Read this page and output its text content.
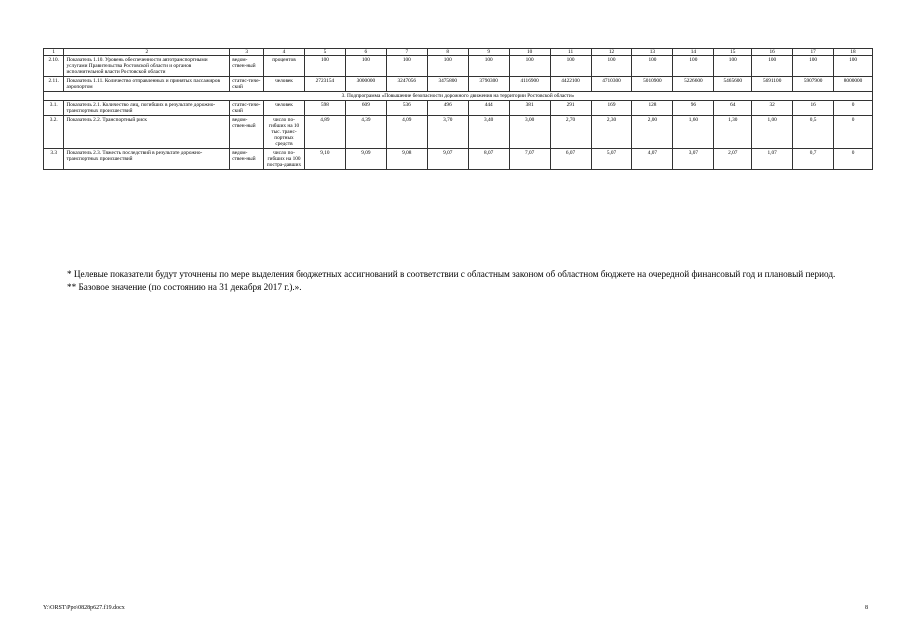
1	2	3	4	5	6	7	8	9	10	11	12	13	14	15	16	17	18
2.10.	Показатель 1.10. Уровень обеспеченности автотранспортными услугами Правительства Ростовской области и органов исполнительной власти Ростовской области	ведом-ствен-ный	процентов	100	100	100	100	100	100	100	100	100	100	100	100	100	100
2.11.	Показатель 1.11. Количество отправленных и принятых пассажиров аэропортом	статис-тиче-ский	человек	2723154	3000000	3247056	3475800	3790300	4116900	4422100	4710300	5010900	5226600	5465600	5691100	5907900	8000000
3. Подпрограмма «Повышение безопасности дорожного движения на территории Ростовской области»																	
3.1.	Показатель 2.1. Количество лиц, погибших в результате дорожно-транспортных происшествий	статис-тиче-ский	человек	598	609	536	496	444	381	291	169	128	96	64	32	16	0
3.2.	Показатель 2.2. Транспортный риск	ведом-ствен-ный	число по-гибших на 10 тыс. транс-портных средств	4,89	4,39	4,09	3,70	3,40	3,00	2,70	2,30	2,00	1,60	1,30	1,00	0,5	0
3.3	Показатель 2.3. Тяжесть последствий в результате дорожно-транспортных происшествий	ведом-ствен-ный	число по-гибших на 100 постра-давших	9,10	9,09	9,08	9,07	8,07	7,07	6,07	5,07	4,07	3,07	2,07	1,07	0,7	0

* Целевые показатели будут уточнены по мере выделения бюджетных ассигнований в соответствии с областным законом об областном бюджете на очередной финансовый год и плановый период.

** Базовое значение (по состоянию на 31 декабря 2017 г.).».

Y:\ORST\Ppo\0828p627.f19.docx	8
